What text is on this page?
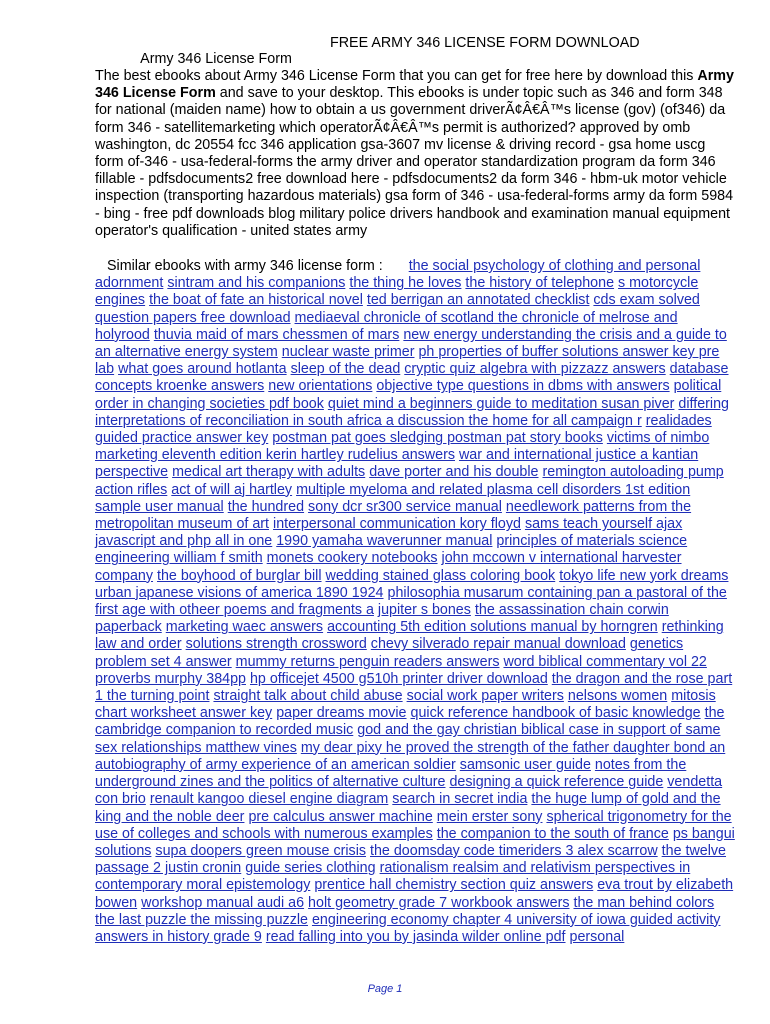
Army 346 License Form

FREE ARMY 346 LICENSE FORM DOWNLOAD

The best ebooks about Army 346 License Form that you can get for free here by download this Army 346 License Form and save to your desktop. This ebooks is under topic such as 346 and form 348 for national (maiden name) how to obtain a us government driverÃ¢Â€Â™s license (gov) (of346) da form 346 - satellitemarketing which operatorÃ¢Â€Â™s permit is authorized? approved by omb washington, dc 20554 fcc 346 application gsa-3607 mv license & driving record - gsa home uscg form of-346 - usa-federal-forms the army driver and operator standardization program da form 346 fillable - pdfsdocuments2 free download here - pdfsdocuments2 da form 346 - hbm-uk motor vehicle inspection (transporting hazardous materials) gsa form of 346 - usa-federal-forms army da form 5984 - bing - free pdf downloads blog military police drivers handbook and examination manual equipment operator's qualification - united states army
Similar ebooks with army 346 license form : the social psychology of clothing and personal adornment sintram and his companions the thing he loves the history of telephone s motorcycle engines the boat of fate an historical novel ted berrigan an annotated checklist cds exam solved question papers free download mediaeval chronicle of scotland the chronicle of melrose and holyrood thuvia maid of mars chessmen of mars new energy understanding the crisis and a guide to an alternative energy system nuclear waste primer ph properties of buffer solutions answer key pre lab what goes around hotlanta sleep of the dead cryptic quiz algebra with pizzazz answers database concepts kroenke answers new orientations objective type questions in dbms with answers political order in changing societies pdf book quiet mind a beginners guide to meditation susan piver differing interpretations of reconciliation in south africa a discussion the home for all campaign r realidades guided practice answer key postman pat goes sledging postman pat story books victims of nimbo marketing eleventh edition kerin hartley rudelius answers war and international justice a kantian perspective medical art therapy with adults dave porter and his double remington autoloading pump action rifles act of will aj hartley multiple myeloma and related plasma cell disorders 1st edition sample user manual the hundred sony dcr sr300 service manual needlework patterns from the metropolitan museum of art interpersonal communication kory floyd sams teach yourself ajax javascript and php all in one 1990 yamaha waverunner manual principles of materials science engineering william f smith monets cookery notebooks john mccown v international harvester company the boyhood of burglar bill wedding stained glass coloring book tokyo life new york dreams urban japanese visions of america 1890 1924 philosophia musarum containing pan a pastoral of the first age with otheer poems and fragments a jupiter s bones the assassination chain corwin paperback marketing waec answers accounting 5th edition solutions manual by horngren rethinking law and order solutions strength crossword chevy silverado repair manual download genetics problem set 4 answer mummy returns penguin readers answers word biblical commentary vol 22 proverbs murphy 384pp hp officejet 4500 g510h printer driver download the dragon and the rose part 1 the turning point straight talk about child abuse social work paper writers nelsons women mitosis chart worksheet answer key paper dreams movie quick reference handbook of basic knowledge the cambridge companion to recorded music god and the gay christian biblical case in support of same sex relationships matthew vines my dear pixy he proved the strength of the father daughter bond an autobiography of army experience of an american soldier samsonic user guide notes from the underground zines and the politics of alternative culture designing a quick reference guide vendetta con brio renault kangoo diesel engine diagram search in secret india the huge lump of gold and the king and the noble deer pre calculus answer machine mein erster sony spherical trigonometry for the use of colleges and schools with numerous examples the companion to the south of france ps bangui solutions supa doopers green mouse crisis the doomsday code timeriders 3 alex scarrow the twelve passage 2 justin cronin guide series clothing rationalism realsim and relativism perspectives in contemporary moral epistemology prentice hall chemistry section quiz answers eva trout by elizabeth bowen workshop manual audi a6 holt geometry grade 7 workbook answers the man behind colors the last puzzle the missing puzzle engineering economy chapter 4 university of iowa guided activity answers in history grade 9 read falling into you by jasinda wilder online pdf personal
Page 1
